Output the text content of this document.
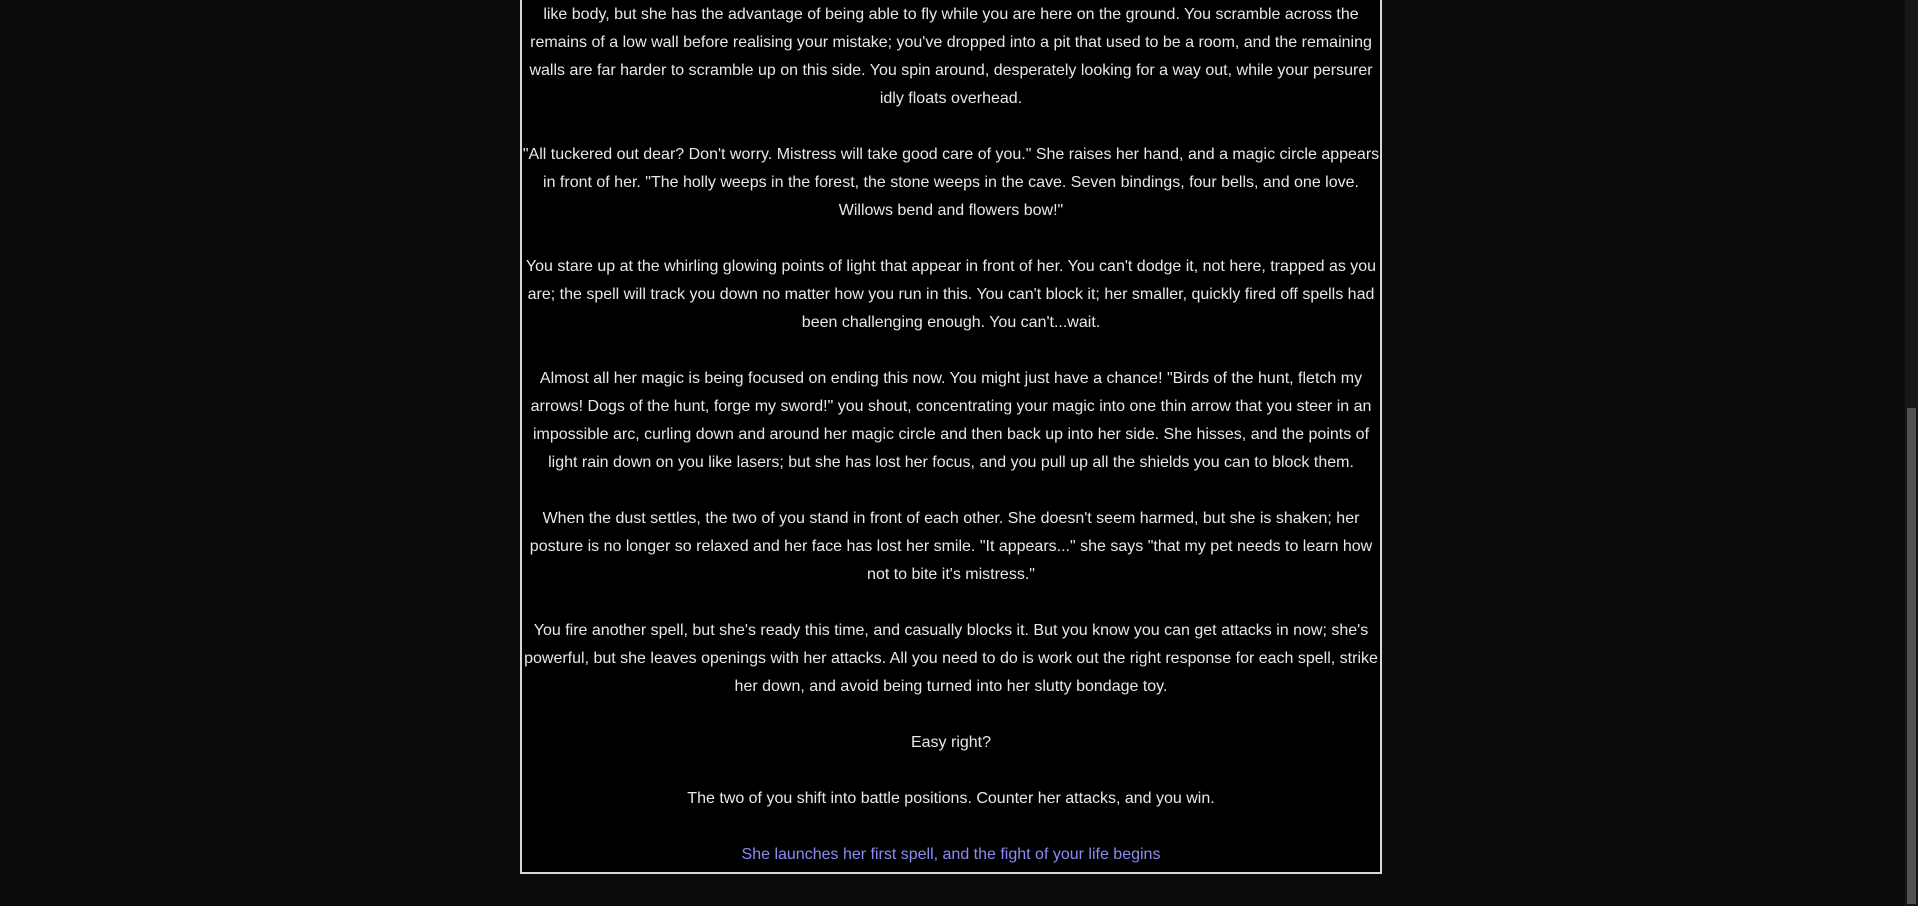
like body, but she has the advantage of being able to fly while you are here on the ground. You scramble across the remains of a low wall before realising your mistake; you've dropped into a pit that used to be a room, and the remaining walls are far harder to scramble up on this side. You spin around, desperately looking for a way out, while your persurer idly floats overhead.

"All tuckered out dear? Don't worry. Mistress will take good care of you." She raises her hand, and a magic circle appears in front of her. "The holly weeps in the forest, the stone weeps in the cave. Seven bindings, four bells, and one love. Willows bend and flowers bow!"

You stare up at the whirling glowing points of light that appear in front of her. You can't dodge it, not here, trapped as you are; the spell will track you down no matter how you run in this. You can't block it; her smaller, quickly fired off spells had been challenging enough. You can't...wait.

Almost all her magic is being focused on ending this now. You might just have a chance! "Birds of the hunt, fletch my arrows! Dogs of the hunt, forge my sword!" you shout, concentrating your magic into one thin arrow that you steer in an impossible arc, curling down and around her magic circle and then back up into her side. She hisses, and the points of light rain down on you like lasers; but she has lost her focus, and you pull up all the shields you can to block them.

When the dust settles, the two of you stand in front of each other. She doesn't seem harmed, but she is shaken; her posture is no longer so relaxed and her face has lost her smile. "It appears..." she says "that my pet needs to learn how not to bite it's mistress."

You fire another spell, but she's ready this time, and casually blocks it. But you know you can get attacks in now; she's powerful, but she leaves openings with her attacks. All you need to do is work out the right response for each spell, strike her down, and avoid being turned into her slutty bondage toy.

Easy right?

The two of you shift into battle positions. Counter her attacks, and you win.

She launches her first spell, and the fight of your life begins
